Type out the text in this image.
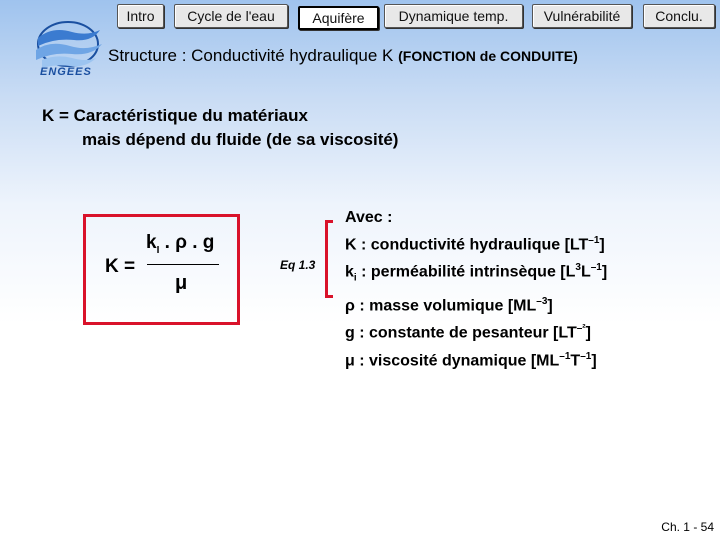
ENGEES
Intro	Cycle de l'eau	Aquifère	Dynamique temp.	Vulnérabilité	Conclu.
Structure : Conductivité hydraulique K (FONCTION de CONDUITE)
K = Caractéristique du matériaux
mais dépend du fluide (de sa viscosité)
K =
$k_I$ . ρ . g
μ
Eq 1.3
Avec :
K : conductivité hydraulique $[LT^{-1}]$
$k_i$ : perméabilité intrinsèque $[L^3L^{-1}]$
ρ : masse volumique $[ML^{-3}]$
g : constante de pesanteur $[LT^{-^2}]$
μ : viscosité dynamique $[ML^{-1}T^{-1}]$
Ch. 1 - 54
